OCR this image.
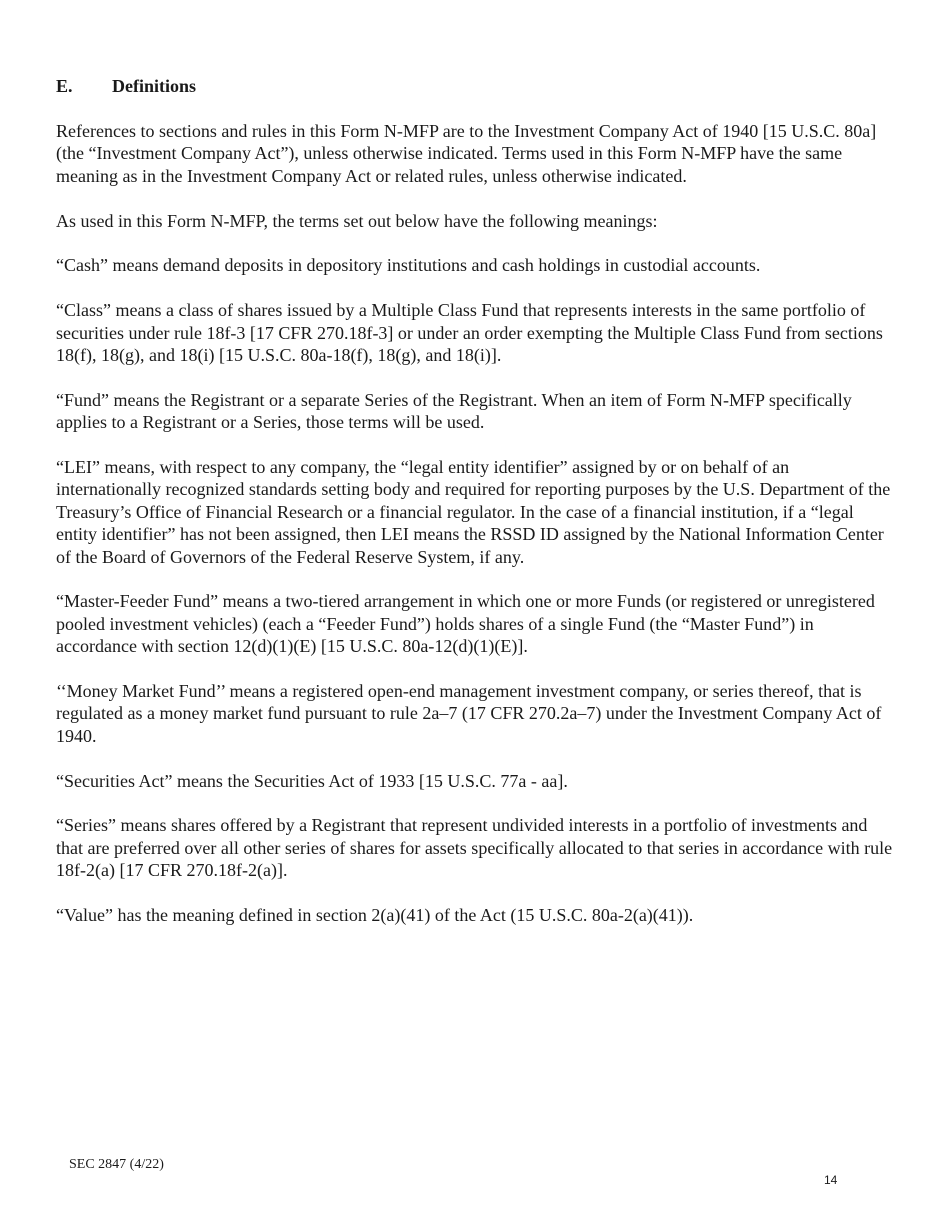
E.	Definitions

References to sections and rules in this Form N-MFP are to the Investment Company Act of 1940 [15 U.S.C. 80a] (the “Investment Company Act”), unless otherwise indicated. Terms used in this Form N-MFP have the same meaning as in the Investment Company Act or related rules, unless otherwise indicated.

As used in this Form N-MFP, the terms set out below have the following meanings:

“Cash” means demand deposits in depository institutions and cash holdings in custodial accounts.

“Class” means a class of shares issued by a Multiple Class Fund that represents interests in the same portfolio of securities under rule 18f-3 [17 CFR 270.18f-3] or under an order exempting the Multiple Class Fund from sections 18(f), 18(g), and 18(i) [15 U.S.C. 80a-18(f), 18(g), and 18(i)].

“Fund” means the Registrant or a separate Series of the Registrant. When an item of Form N-MFP specifically applies to a Registrant or a Series, those terms will be used.

“LEI” means, with respect to any company, the “legal entity identifier” assigned by or on behalf of an internationally recognized standards setting body and required for reporting purposes by the U.S. Department of the Treasury’s Office of Financial Research or a financial regulator. In the case of a financial institution, if a “legal entity identifier” has not been assigned, then LEI means the RSSD ID assigned by the National Information Center of the Board of Governors of the Federal Reserve System, if any.

“Master-Feeder Fund” means a two-tiered arrangement in which one or more Funds (or registered or unregistered pooled investment vehicles) (each a “Feeder Fund”) holds shares of a single Fund (the “Master Fund”) in accordance with section 12(d)(1)(E) [15 U.S.C. 80a-12(d)(1)(E)].

‘‘Money Market Fund’’ means a registered open-end management investment company, or series thereof, that is regulated as a money market fund pursuant to rule 2a–7 (17 CFR 270.2a–7) under the Investment Company Act of 1940.

“Securities Act” means the Securities Act of 1933 [15 U.S.C. 77a - aa].

“Series” means shares offered by a Registrant that represent undivided interests in a portfolio of investments and that are preferred over all other series of shares for assets specifically allocated to that series in accordance with rule 18f-2(a) [17 CFR 270.18f-2(a)].

“Value” has the meaning defined in section 2(a)(41) of the Act (15 U.S.C. 80a-2(a)(41)).

SEC 2847 (4/22)
14
